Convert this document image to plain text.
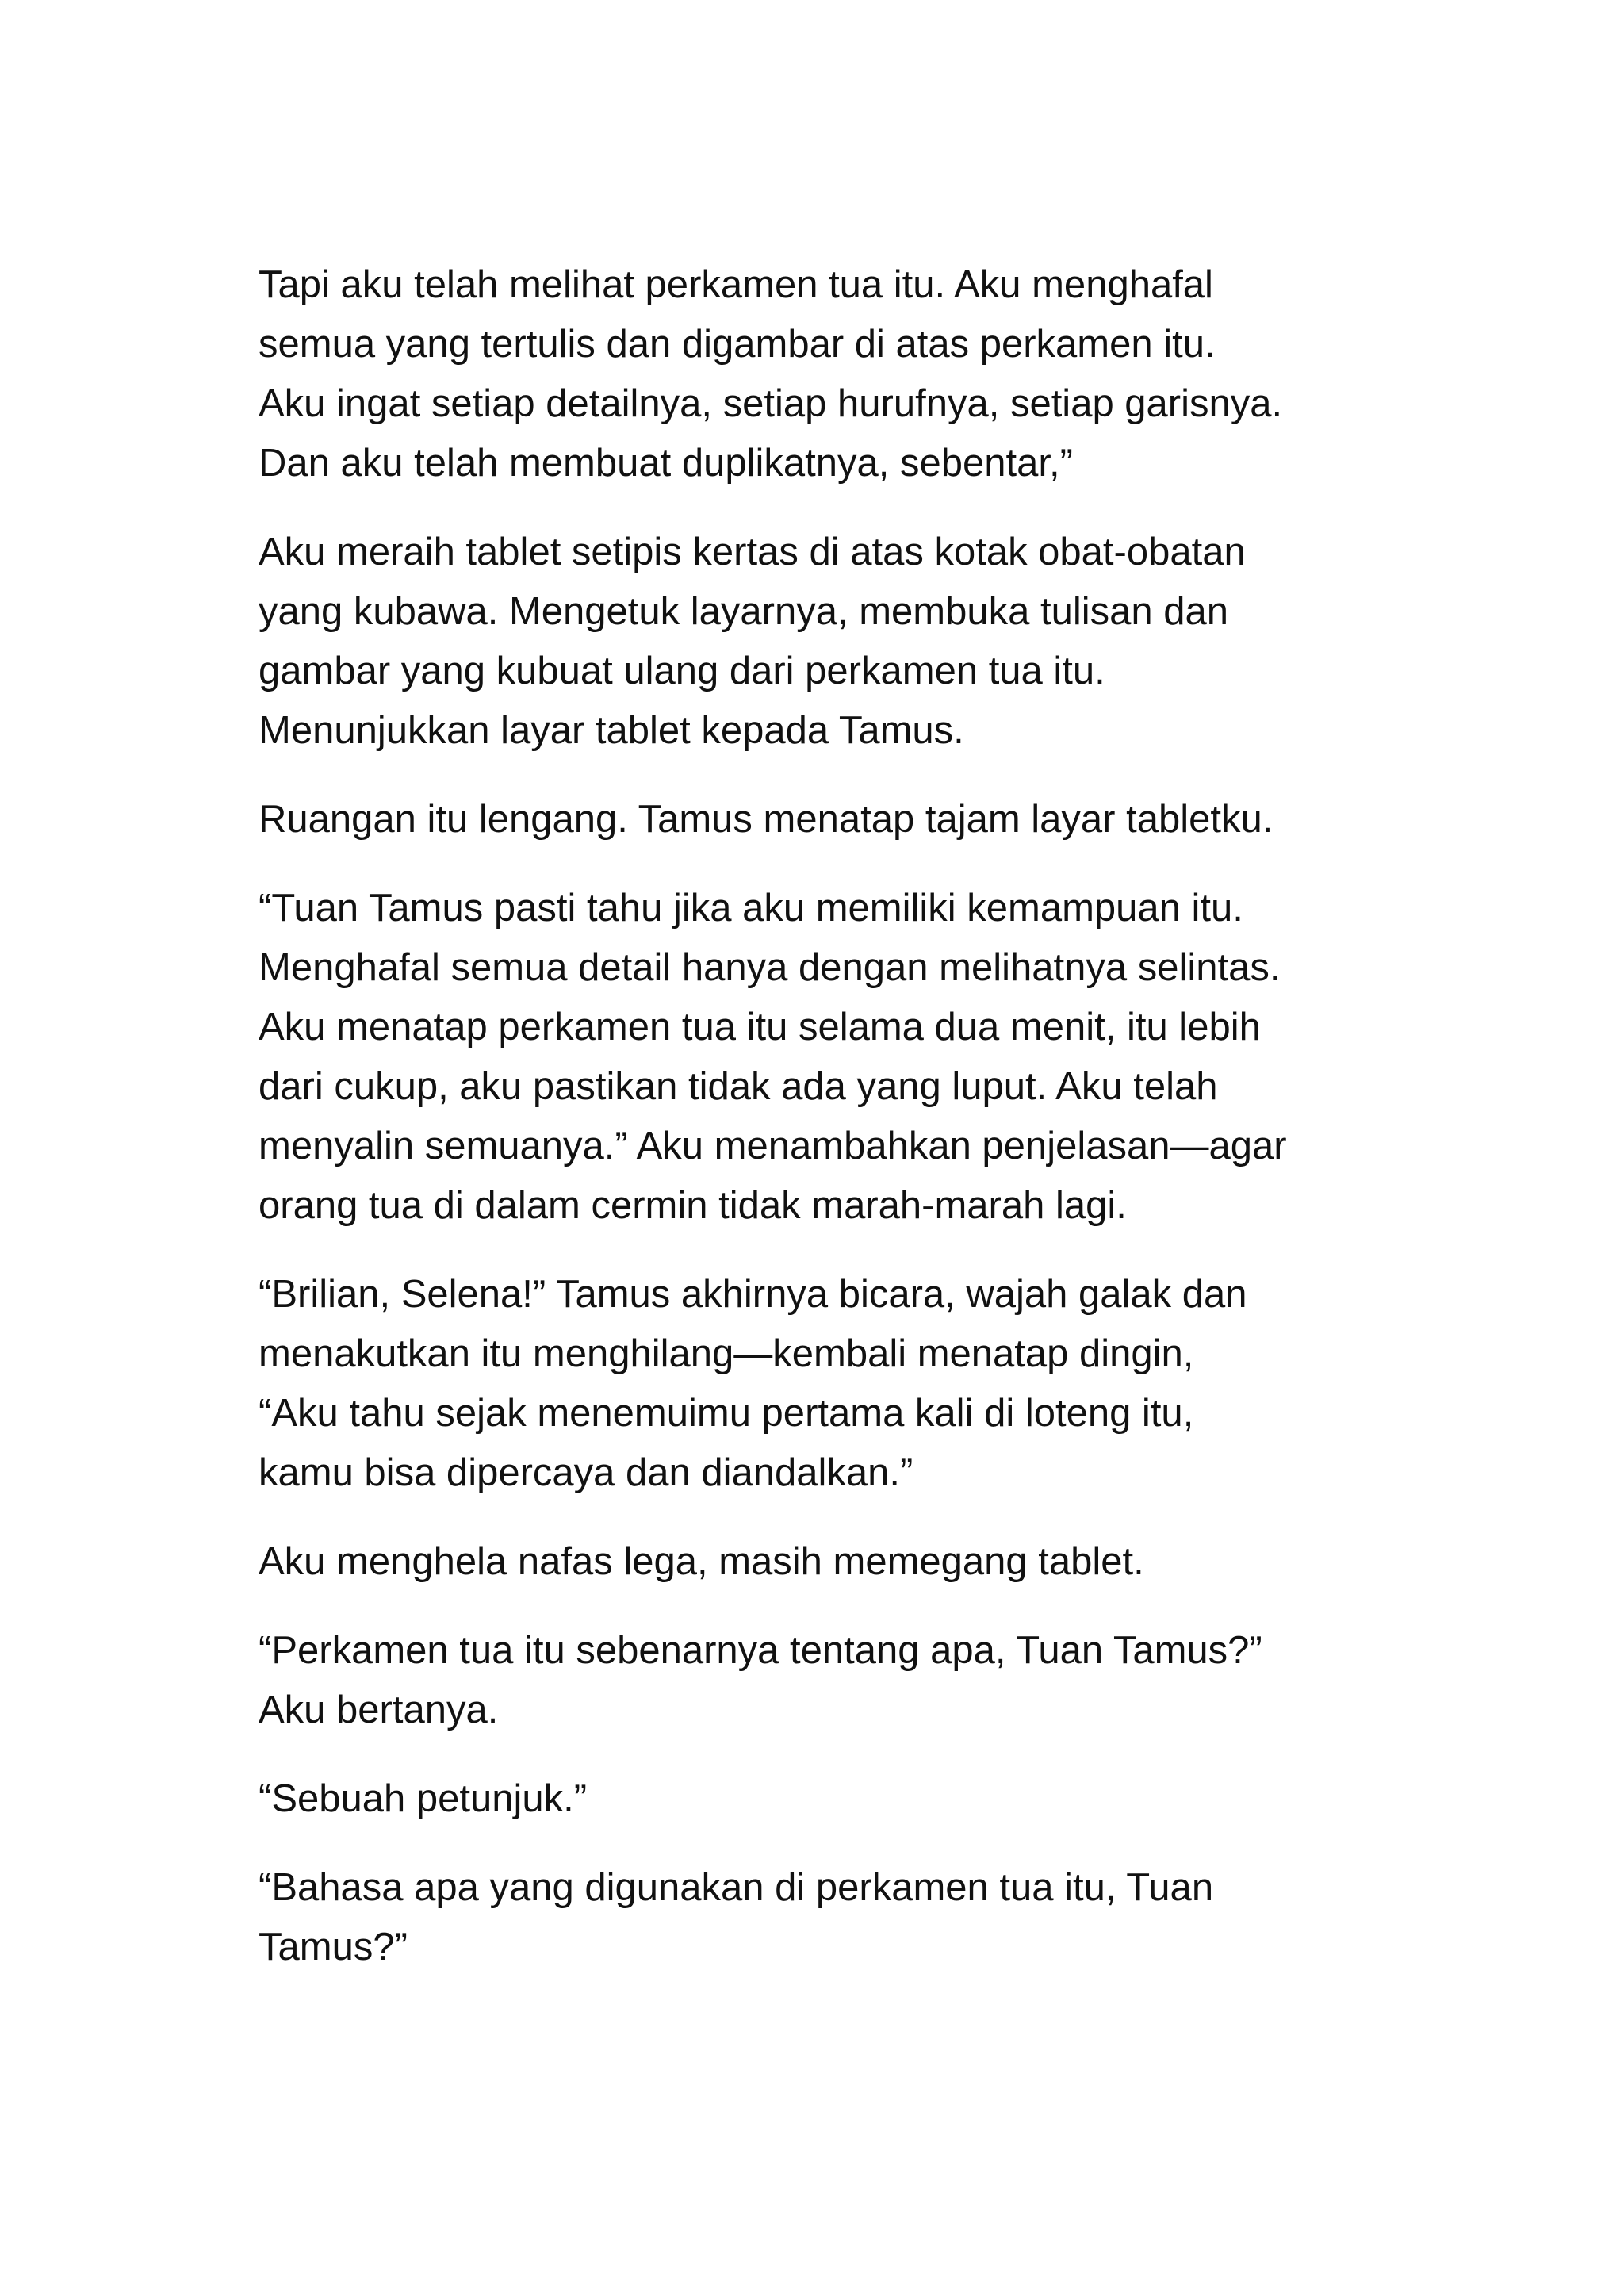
Tapi aku telah melihat perkamen tua itu. Aku menghafal
semua yang tertulis dan digambar di atas perkamen itu.
Aku ingat setiap detailnya, setiap hurufnya, setiap garisnya.
Dan aku telah membuat duplikatnya, sebentar,”

Aku meraih tablet setipis kertas di atas kotak obat-obatan
yang kubawa. Mengetuk layarnya, membuka tulisan dan
gambar yang kubuat ulang dari perkamen tua itu.
Menunjukkan layar tablet kepada Tamus.

Ruangan itu lengang. Tamus menatap tajam layar tabletku.

“Tuan Tamus pasti tahu jika aku memiliki kemampuan itu.
Menghafal semua detail hanya dengan melihatnya selintas.
Aku menatap perkamen tua itu selama dua menit, itu lebih
dari cukup, aku pastikan tidak ada yang luput. Aku telah
menyalin semuanya.” Aku menambahkan penjelasan—agar
orang tua di dalam cermin tidak marah-marah lagi.

“Brilian, Selena!” Tamus akhirnya bicara, wajah galak dan
menakutkan itu menghilang—kembali menatap dingin,
“Aku tahu sejak menemuimu pertama kali di loteng itu,
kamu bisa dipercaya dan diandalkan.”

Aku menghela nafas lega, masih memegang tablet.

“Perkamen tua itu sebenarnya tentang apa, Tuan Tamus?”
Aku bertanya.

“Sebuah petunjuk.”

“Bahasa apa yang digunakan di perkamen tua itu, Tuan
Tamus?”
